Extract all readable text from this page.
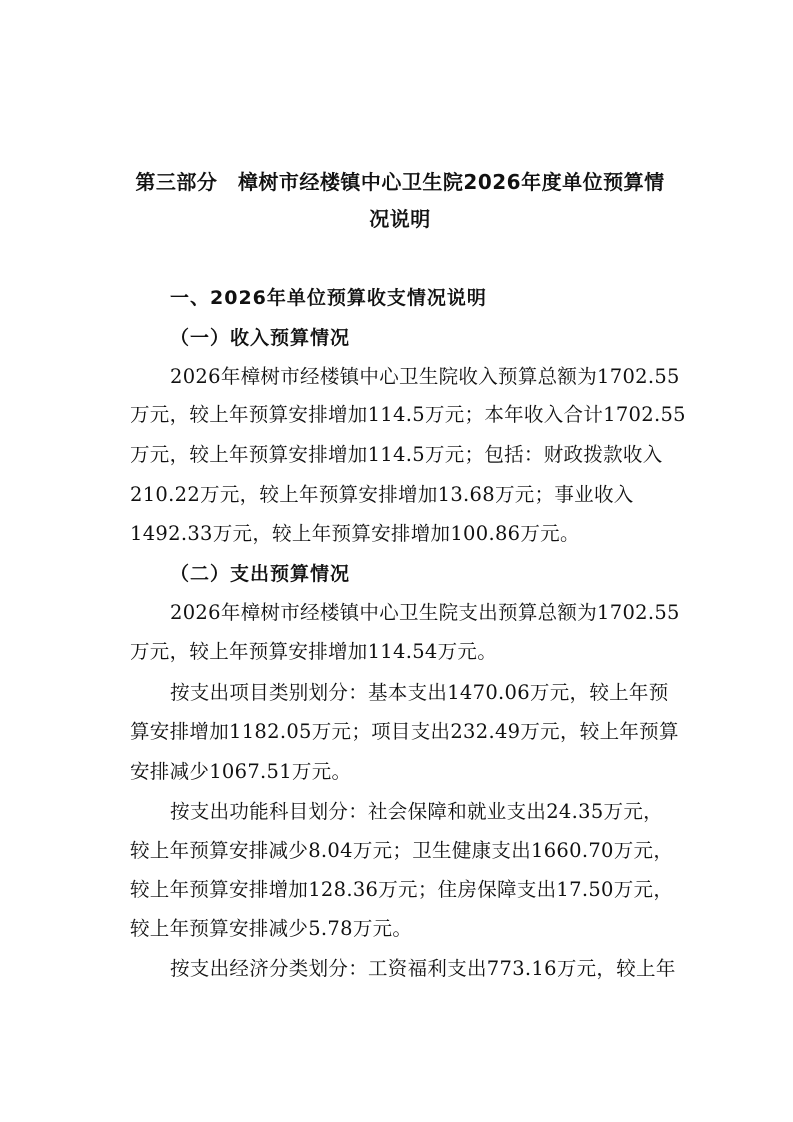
第三部分　樟树市经楼镇中心卫生院2026年度单位预算情
况说明
一、2026年单位预算收支情况说明
（一）收入预算情况
2026年樟树市经楼镇中心卫生院收入预算总额为1702.55
万元，较上年预算安排增加114.5万元；本年收入合计1702.55
万元，较上年预算安排增加114.5万元；包括：财政拨款收入
210.22万元，较上年预算安排增加13.68万元；事业收入
1492.33万元，较上年预算安排增加100.86万元。
（二）支出预算情况
2026年樟树市经楼镇中心卫生院支出预算总额为1702.55
万元，较上年预算安排增加114.54万元。
按支出项目类别划分：基本支出1470.06万元，较上年预
算安排增加1182.05万元；项目支出232.49万元，较上年预算
安排减少1067.51万元。
按支出功能科目划分：社会保障和就业支出24.35万元，
较上年预算安排减少8.04万元；卫生健康支出1660.70万元，
较上年预算安排增加128.36万元；住房保障支出17.50万元，
较上年预算安排减少5.78万元。
按支出经济分类划分：工资福利支出773.16万元，较上年
